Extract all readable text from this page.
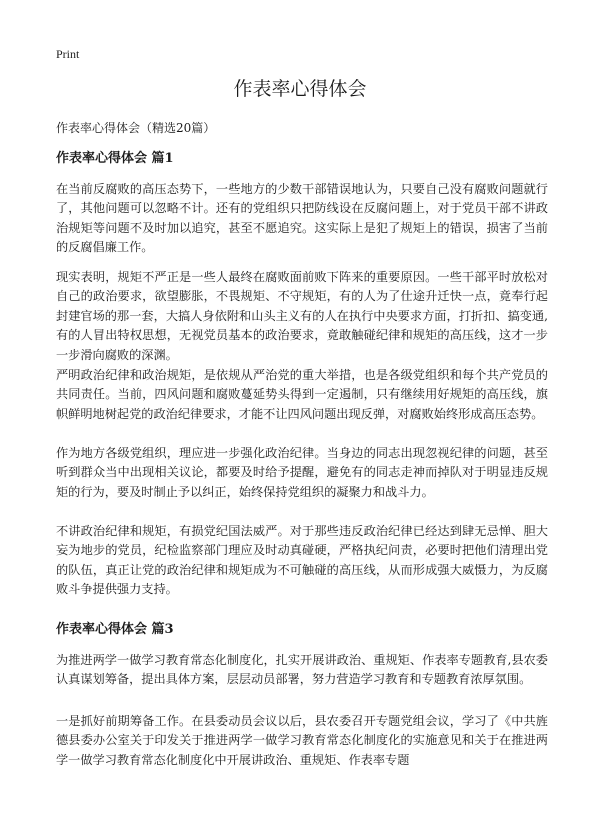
Print
作表率心得体会

作表率心得体会（精选20篇）

作表率心得体会 篇1

在当前反腐败的高压态势下，一些地方的少数干部错误地认为，只要自己没有腐败问题就行了，其他问题可以忽略不计。还有的党组织只把防线设在反腐问题上，对于党员干部不讲政治规矩等问题不及时加以追究，甚至不愿追究。这实际上是犯了规矩上的错误，损害了当前的反腐倡廉工作。

现实表明，规矩不严正是一些人最终在腐败面前败下阵来的重要原因。一些干部平时放松对自己的政治要求，欲望膨胀，不畏规矩、不守规矩，有的人为了仕途升迁快一点，竟奉行起封建官场的那一套，大搞人身依附和山头主义有的人在执行中央要求方面，打折扣、搞变通,有的人冒出特权思想，无视党员基本的政治要求，竟敢触碰纪律和规矩的高压线，这才一步一步滑向腐败的深渊。

严明政治纪律和政治规矩，是依规从严治党的重大举措，也是各级党组织和每个共产党员的共同责任。当前，四风问题和腐败蔓延势头得到一定遏制，只有继续用好规矩的高压线，旗帜鲜明地树起党的政治纪律要求，才能不让四风问题出现反弹，对腐败始终形成高压态势。

作为地方各级党组织，理应进一步强化政治纪律。当身边的同志出现忽视纪律的问题，甚至听到群众当中出现相关议论，都要及时给予提醒，避免有的同志走神而掉队对于明显违反规矩的行为，要及时制止予以纠正，始终保持党组织的凝聚力和战斗力。

不讲政治纪律和规矩，有损党纪国法威严。对于那些违反政治纪律已经达到肆无忌惮、胆大妄为地步的党员，纪检监察部门理应及时动真碰硬，严格执纪问责，必要时把他们清理出党的队伍，真正让党的政治纪律和规矩成为不可触碰的高压线，从而形成强大威慑力，为反腐败斗争提供强力支持。

作表率心得体会 篇3

为推进两学一做学习教育常态化制度化，扎实开展讲政治、重规矩、作表率专题教育,县农委认真谋划筹备，提出具体方案，层层动员部署，努力营造学习教育和专题教育浓厚氛围。

一是抓好前期筹备工作。在县委动员会议以后，县农委召开专题党组会议，学习了《中共旌德县委办公室关于印发关于推进两学一做学习教育常态化制度化的实施意见和关于在推进两学一做学习教育常态化制度化中开展讲政治、重规矩、作表率专题
